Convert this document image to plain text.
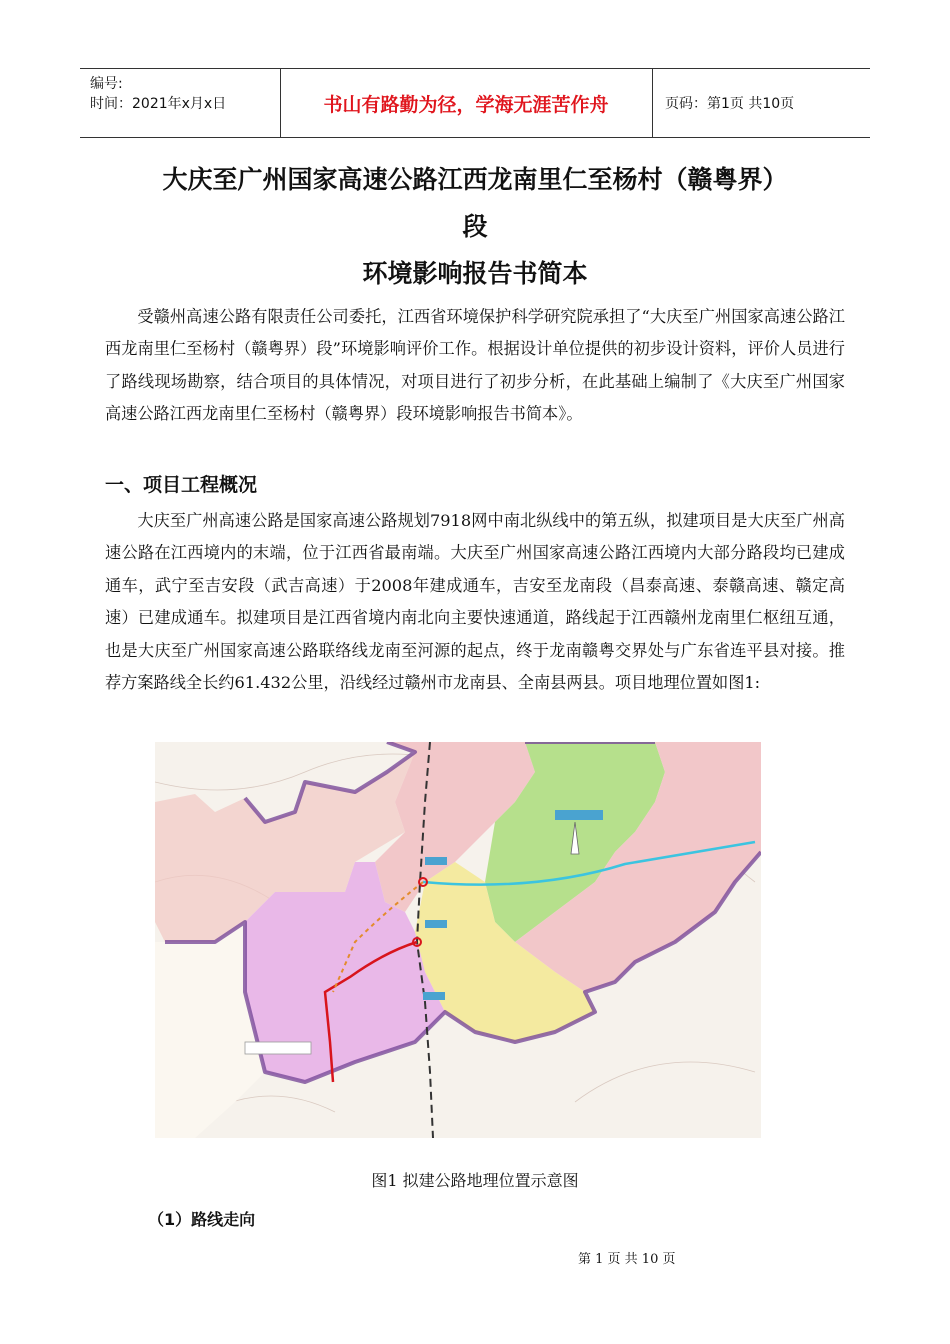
编号:
时间：2021年x月x日	书山有路勤为径，学海无涯苦作舟	页码：第1页 共10页
大庆至广州国家高速公路江西龙南里仁至杨村（赣粤界）
段
环境影响报告书简本
受赣州高速公路有限责任公司委托，江西省环境保护科学研究院承担了“大庆至广州国家高速公路江西龙南里仁至杨村（赣粤界）段”环境影响评价工作。根据设计单位提供的初步设计资料，评价人员进行了路线现场勘察，结合项目的具体情况，对项目进行了初步分析，在此基础上编制了《大庆至广州国家高速公路江西龙南里仁至杨村（赣粤界）段环境影响报告书简本》。
一、项目工程概况
大庆至广州高速公路是国家高速公路规划7918网中南北纵线中的第五纵，拟建项目是大庆至广州高速公路在江西境内的末端，位于江西省最南端。大庆至广州国家高速公路江西境内大部分路段均已建成通车，武宁至吉安段（武吉高速）于2008年建成通车，吉安至龙南段（昌泰高速、泰赣高速、赣定高速）已建成通车。拟建项目是江西省境内南北向主要快速通道，路线起于江西赣州龙南里仁枢纽互通，也是大庆至广州国家高速公路联络线龙南至河源的起点，终于龙南赣粤交界处与广东省连平县对接。推荐方案路线全长约61.432公里，沿线经过赣州市龙南县、全南县两县。项目地理位置如图1:
图1 拟建公路地理位置示意图
（1）路线走向
第 1 页 共 10 页
